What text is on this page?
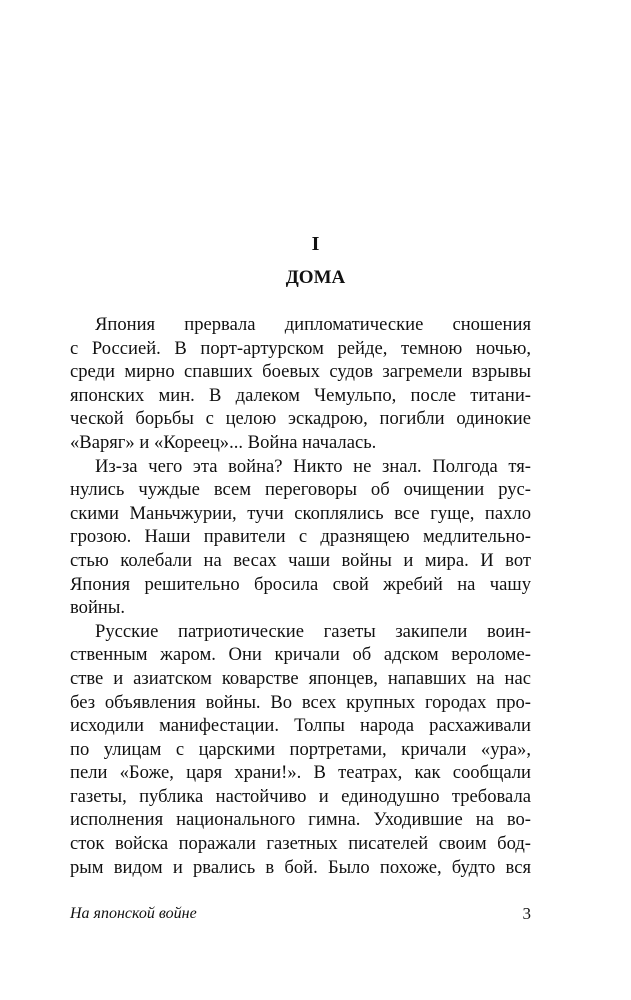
I
ДОМА
Япония прервала дипломатические сношения
с Россией. В порт-артурском рейде, темною ночью,
среди мирно спавших боевых судов загремели взрывы
японских мин. В далеком Чемульпо, после титани-
ческой борьбы с целою эскадрою, погибли одинокие
«Варяг» и «Кореец»... Война началась.
Из-за чего эта война? Никто не знал. Полгода тя-
нулись чуждые всем переговоры об очищении рус-
скими Маньчжурии, тучи скоплялись все гуще, пахло
грозою. Наши правители с дразнящею медлительно-
стью колебали на весах чаши войны и мира. И вот
Япония решительно бросила свой жребий на чашу
войны.
Русские патриотические газеты закипели воин-
ственным жаром. Они кричали об адском вероломе-
стве и азиатском коварстве японцев, напавших на нас
без объявления войны. Во всех крупных городах про-
исходили манифестации. Толпы народа расхаживали
по улицам с царскими портретами, кричали «ура»,
пели «Боже, царя храни!». В театрах, как сообщали
газеты, публика настойчиво и единодушно требовала
исполнения национального гимна. Уходившие на во-
сток войска поражали газетных писателей своим бод-
рым видом и рвались в бой. Было похоже, будто вся
На японской войне	3
